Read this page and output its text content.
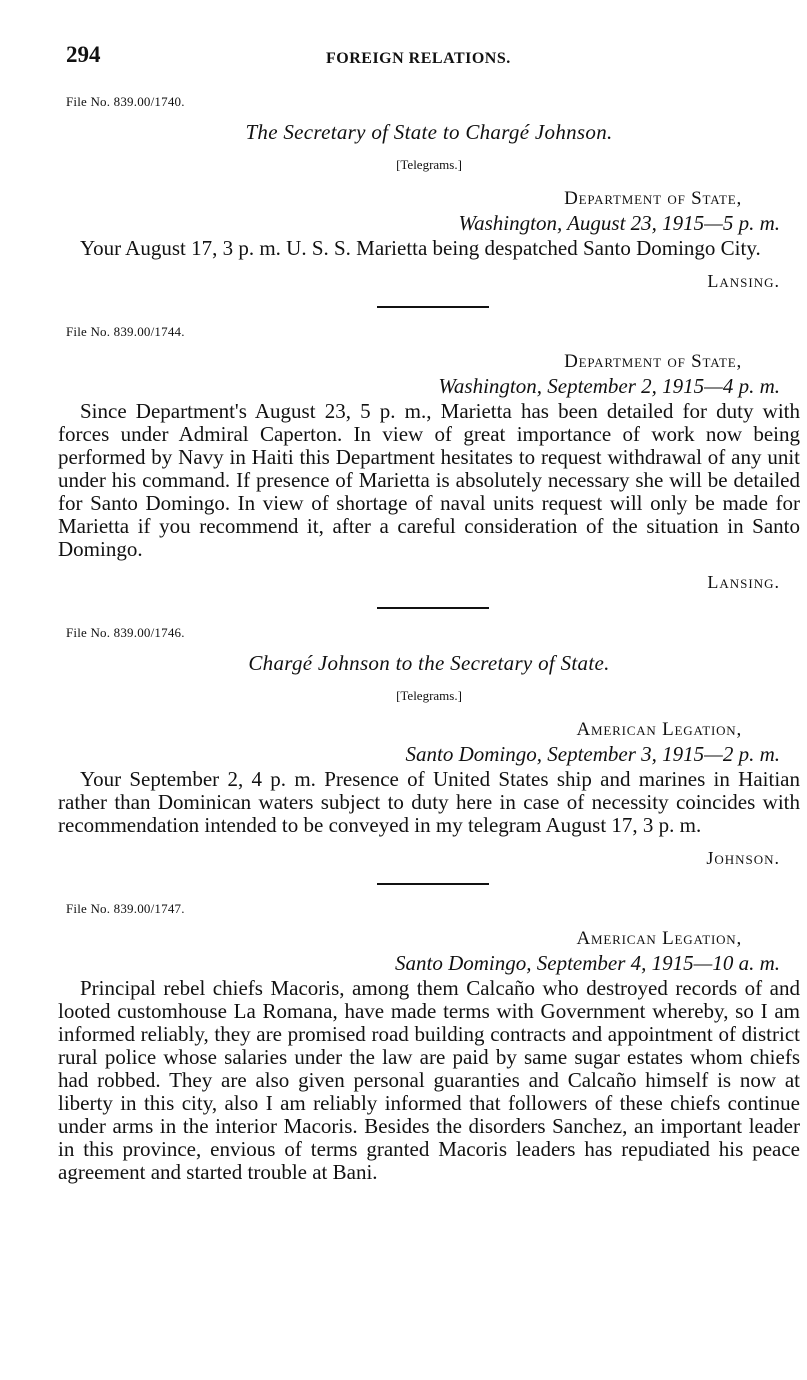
294	FOREIGN RELATIONS.
File No. 839.00/1740.
The Secretary of State to Chargé Johnson.
[Telegrams.]
Department of State,
Washington, August 23, 1915—5 p. m.

Your August 17, 3 p. m. U. S. S. Marietta being despatched Santo Domingo City.

Lansing.
File No. 839.00/1744.
Department of State,
Washington, September 2, 1915—4 p. m.

Since Department's August 23, 5 p. m., Marietta has been detailed for duty with forces under Admiral Caperton. In view of great importance of work now being performed by Navy in Haiti this Department hesitates to request withdrawal of any unit under his command. If presence of Marietta is absolutely necessary she will be detailed for Santo Domingo. In view of shortage of naval units request will only be made for Marietta if you recommend it, after a careful consideration of the situation in Santo Domingo.

Lansing.
File No. 839.00/1746.
Chargé Johnson to the Secretary of State.
[Telegrams.]
American Legation,
Santo Domingo, September 3, 1915—2 p. m.

Your September 2, 4 p. m. Presence of United States ship and marines in Haitian rather than Dominican waters subject to duty here in case of necessity coincides with recommendation intended to be conveyed in my telegram August 17, 3 p. m.

Johnson.
File No. 839.00/1747.
American Legation,
Santo Domingo, September 4, 1915—10 a. m.

Principal rebel chiefs Macoris, among them Calcaño who destroyed records of and looted customhouse La Romana, have made terms with Government whereby, so I am informed reliably, they are promised road building contracts and appointment of district rural police whose salaries under the law are paid by same sugar estates whom chiefs had robbed. They are also given personal guaranties and Calcaño himself is now at liberty in this city, also I am reliably informed that followers of these chiefs continue under arms in the interior Macoris. Besides the disorders Sanchez, an important leader in this province, envious of terms granted Macoris leaders has repudiated his peace agreement and started trouble at Bani.
